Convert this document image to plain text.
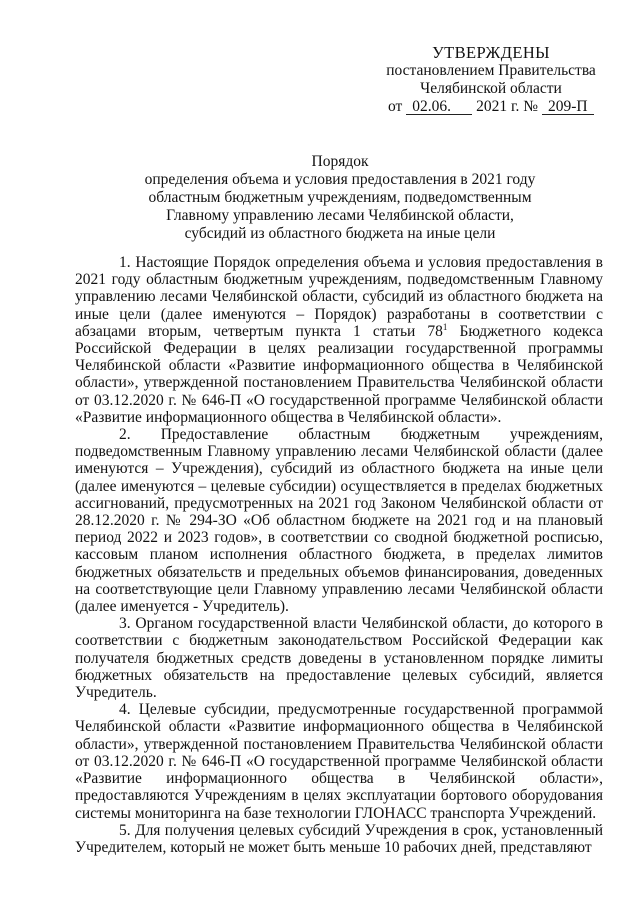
УТВЕРЖДЕНЫ
постановлением Правительства
Челябинской области
от 02.06. 2021 г. № 209-П
Порядок
определения объема и условия предоставления в 2021 году
областным бюджетным учреждениям, подведомственным
Главному управлению лесами Челябинской области,
субсидий из областного бюджета на иные цели

1. Настоящие Порядок определения объема и условия предоставления в 2021 году областным бюджетным учреждениям, подведомственным Главному управлению лесами Челябинской области, субсидий из областного бюджета на иные цели (далее именуются – Порядок) разработаны в соответствии с абзацами вторым, четвертым пункта 1 статьи $78^1$ Бюджетного кодекса Российской Федерации в целях реализации государственной программы Челябинской области «Развитие информационного общества в Челябинской области», утвержденной постановлением Правительства Челябинской области от 03.12.2020 г. № 646-П «О государственной программе Челябинской области «Развитие информационного общества в Челябинской области».

2. Предоставление областным бюджетным учреждениям, подведомственным Главному управлению лесами Челябинской области (далее именуются – Учреждения), субсидий из областного бюджета на иные цели (далее именуются – целевые субсидии) осуществляется в пределах бюджетных ассигнований, предусмотренных на 2021 год Законом Челябинской области от 28.12.2020 г. № 294-ЗО «Об областном бюджете на 2021 год и на плановый период 2022 и 2023 годов», в соответствии со сводной бюджетной росписью, кассовым планом исполнения областного бюджета, в пределах лимитов бюджетных обязательств и предельных объемов финансирования, доведенных на соответствующие цели Главному управлению лесами Челябинской области (далее именуется - Учредитель).

3. Органом государственной власти Челябинской области, до которого в соответствии с бюджетным законодательством Российской Федерации как получателя бюджетных средств доведены в установленном порядке лимиты бюджетных обязательств на предоставление целевых субсидий, является Учредитель.

4. Целевые субсидии, предусмотренные государственной программой Челябинской области «Развитие информационного общества в Челябинской области», утвержденной постановлением Правительства Челябинской области от 03.12.2020 г. № 646-П «О государственной программе Челябинской области «Развитие информационного общества в Челябинской области», предоставляются Учреждениям в целях эксплуатации бортового оборудования системы мониторинга на базе технологии ГЛОНАСС транспорта Учреждений.

5. Для получения целевых субсидий Учреждения в срок, установленный Учредителем, который не может быть меньше 10 рабочих дней, представляют
